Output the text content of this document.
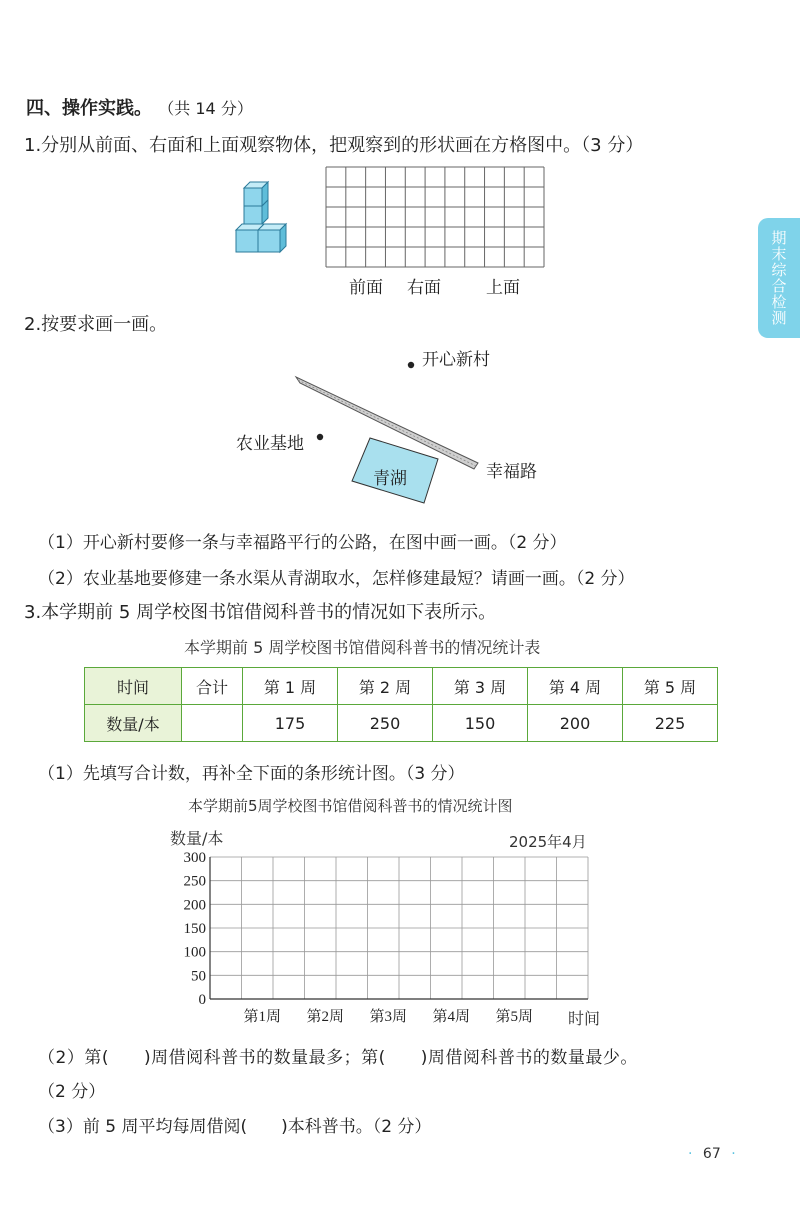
期末综合检测
四、操作实践。 （共 14 分）
1.分别从前面、右面和上面观察物体，把观察到的形状画在方格图中。（3 分）
前面 右面	上面
2.按要求画一画。
开心新村
农业基地
青湖	幸福路
（1）开心新村要修一条与幸福路平行的公路，在图中画一画。（2 分）
（2）农业基地要修建一条水渠从青湖取水，怎样修建最短？请画一画。（2 分）
3.本学期前 5 周学校图书馆借阅科普书的情况如下表所示。
本学期前 5 周学校图书馆借阅科普书的情况统计表
时间	合计	第 1 周	第 2 周	第 3 周	第 4 周	第 5 周
数量/本		175	250	150	200	225
（1）先填写合计数，再补全下面的条形统计图。（3 分）
本学期前5周学校图书馆借阅科普书的情况统计图
数量/本	2025年4月
时间
300
250
200
150
100
50
0
第1周 第2周 第3周 第4周 第5周
（2）第(　　)周借阅科普书的数量最多；第(　　)周借阅科普书的数量最少。
（2 分）
（3）前 5 周平均每周借阅(　　)本科普书。（2 分）
· 67 ·
